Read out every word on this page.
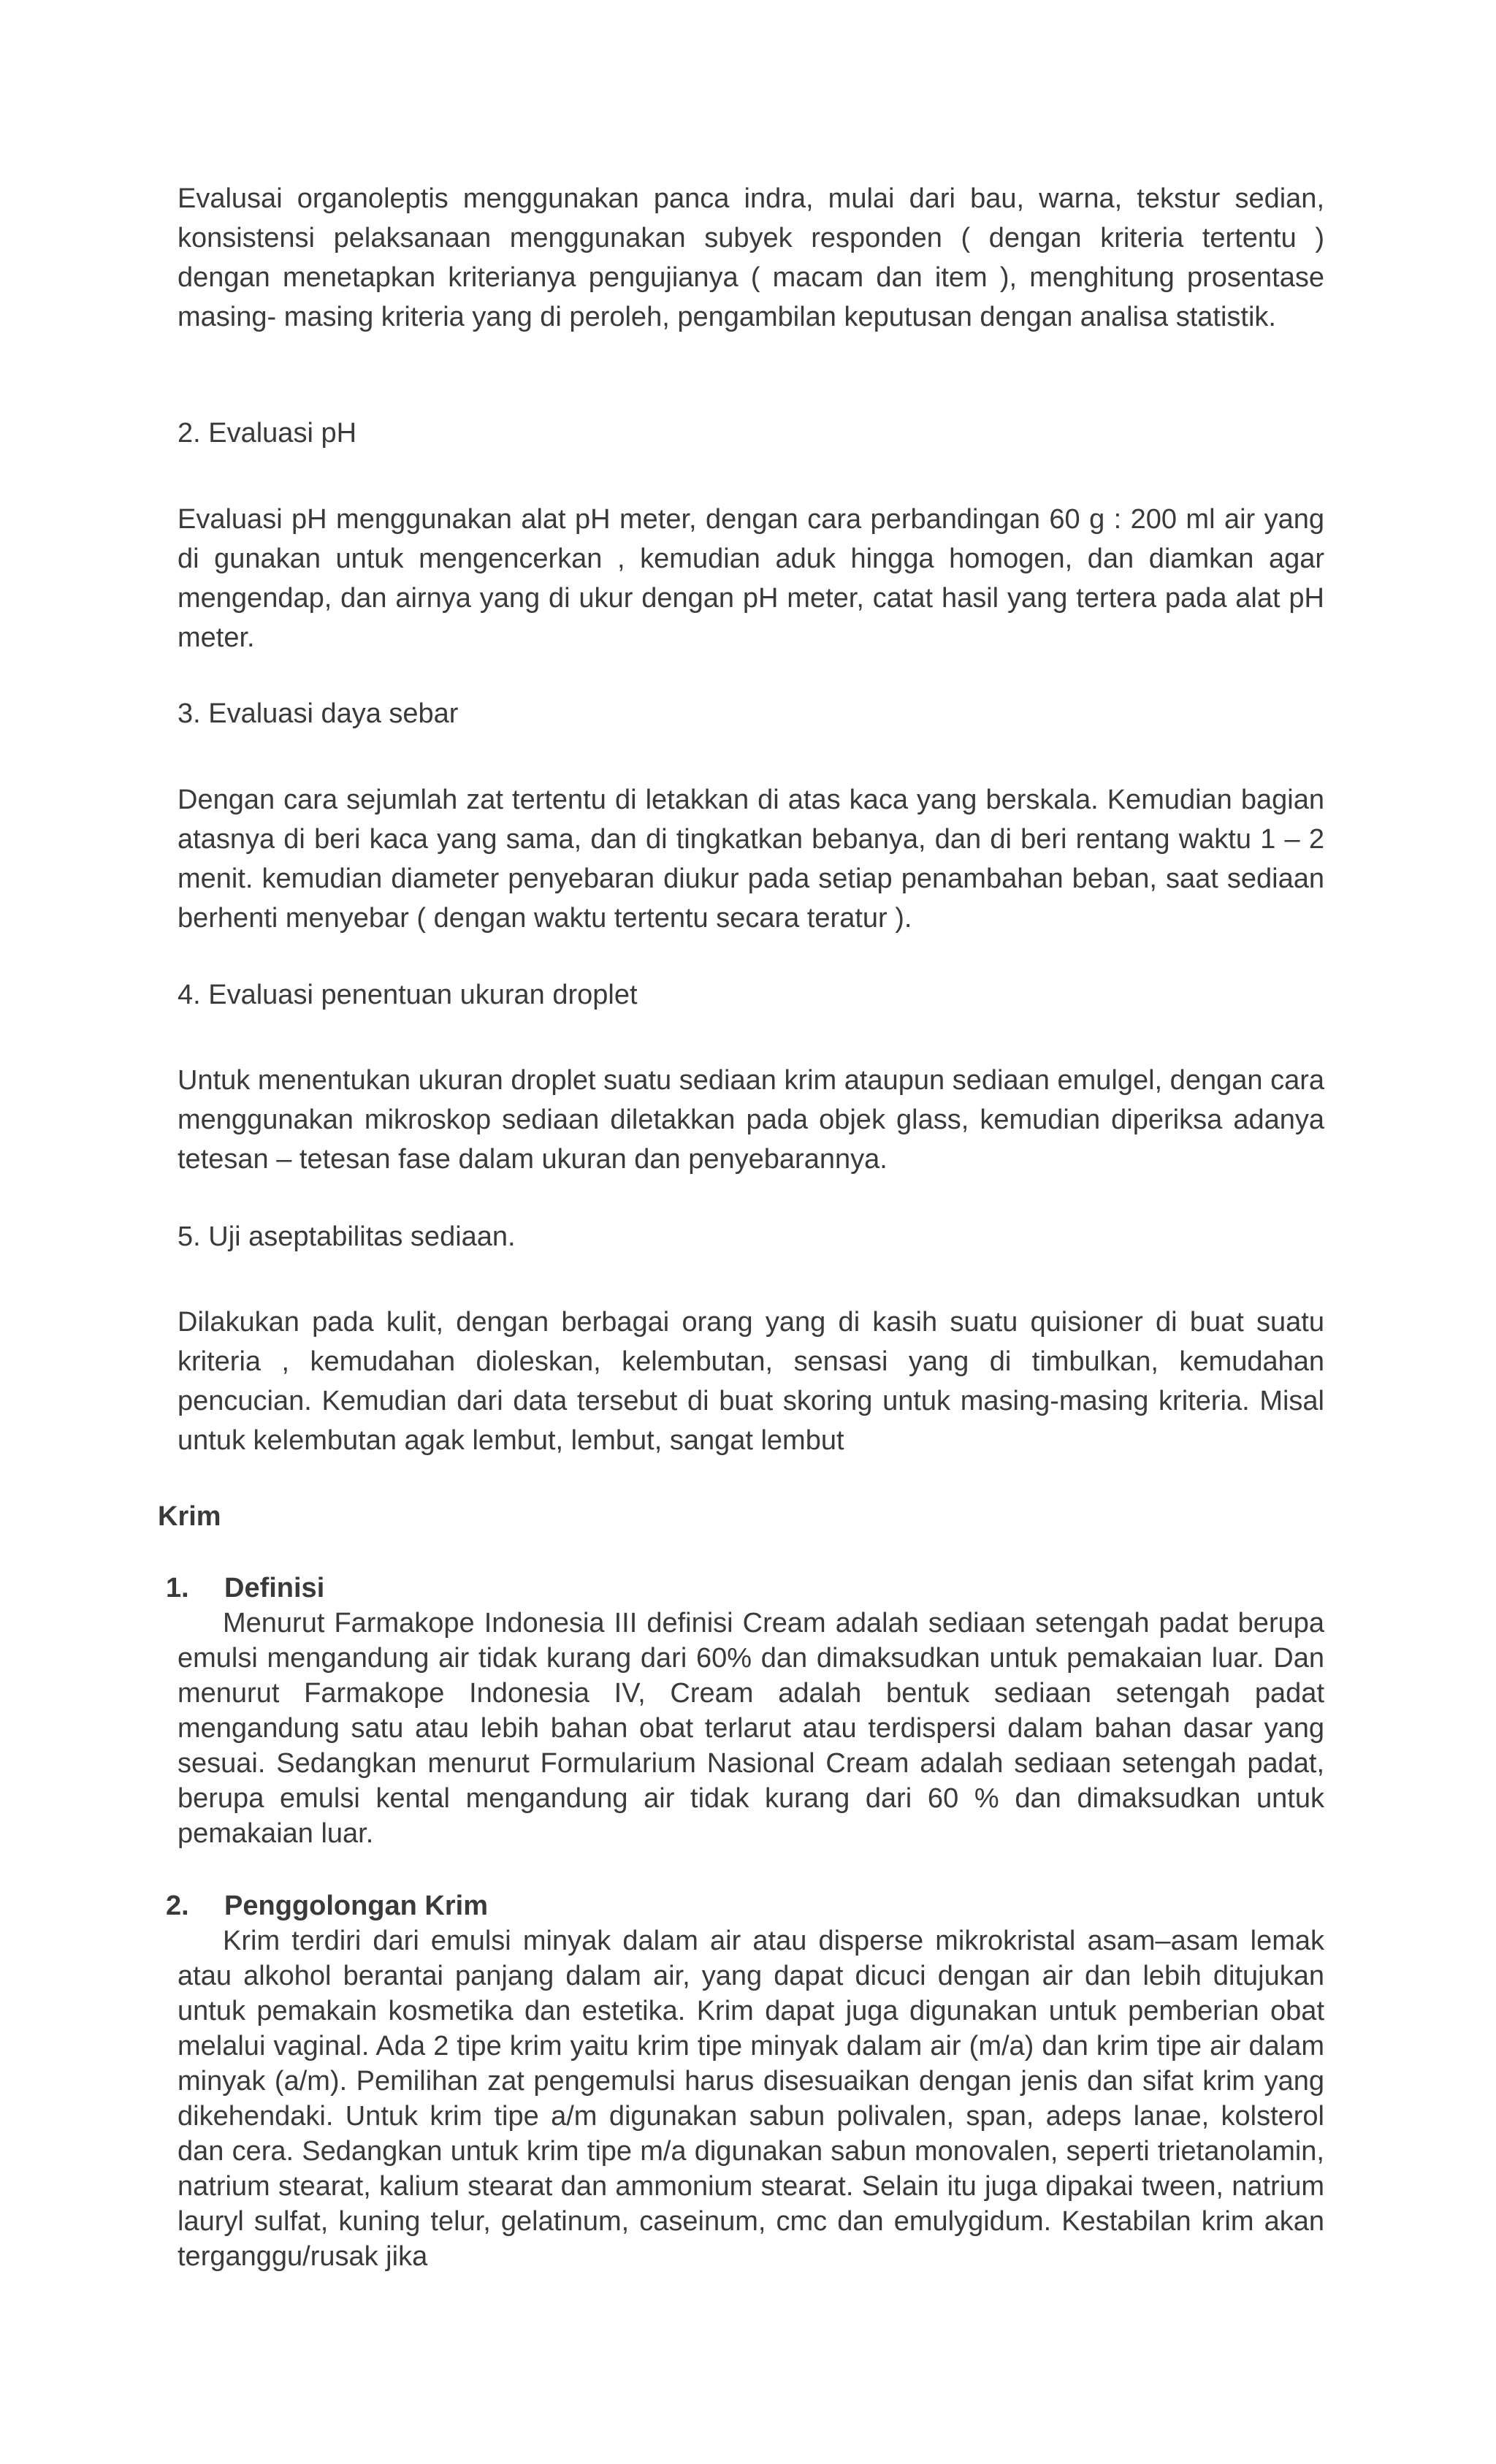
Evalusai organoleptis menggunakan panca indra, mulai dari bau, warna, tekstur sedian, konsistensi pelaksanaan menggunakan subyek responden ( dengan kriteria tertentu ) dengan menetapkan kriterianya pengujianya ( macam dan item ), menghitung prosentase masing- masing kriteria yang di peroleh, pengambilan keputusan dengan analisa statistik.

2. Evaluasi pH

Evaluasi pH menggunakan alat pH meter, dengan cara perbandingan 60 g : 200 ml air yang di gunakan untuk mengencerkan , kemudian aduk hingga homogen, dan diamkan agar mengendap, dan airnya yang di ukur dengan pH meter, catat hasil yang tertera pada alat pH meter.

3. Evaluasi daya sebar

Dengan cara sejumlah zat tertentu di letakkan di atas kaca yang berskala. Kemudian bagian atasnya di beri kaca yang sama, dan di tingkatkan bebanya, dan di beri rentang waktu 1 – 2 menit. kemudian diameter penyebaran diukur pada setiap penambahan beban, saat sediaan berhenti menyebar ( dengan waktu tertentu secara teratur ).

4. Evaluasi penentuan ukuran droplet

Untuk menentukan ukuran droplet suatu sediaan krim ataupun sediaan emulgel, dengan cara menggunakan mikroskop sediaan diletakkan pada objek glass, kemudian diperiksa adanya tetesan – tetesan fase dalam ukuran dan penyebarannya.

5. Uji aseptabilitas sediaan.

Dilakukan pada kulit, dengan berbagai orang yang di kasih suatu quisioner di buat suatu kriteria , kemudahan dioleskan, kelembutan, sensasi yang di timbulkan, kemudahan pencucian. Kemudian dari data tersebut di buat skoring untuk masing-masing kriteria. Misal untuk kelembutan agak lembut, lembut, sangat lembut

Krim

1. Definisi

Menurut Farmakope Indonesia III definisi Cream adalah sediaan setengah padat berupa emulsi mengandung air tidak kurang dari 60% dan dimaksudkan untuk pemakaian luar. Dan menurut Farmakope Indonesia IV, Cream adalah bentuk sediaan setengah padat mengandung satu atau lebih bahan obat terlarut atau terdispersi dalam bahan dasar yang sesuai. Sedangkan menurut Formularium Nasional Cream adalah sediaan setengah padat, berupa emulsi kental mengandung air tidak kurang dari 60 % dan dimaksudkan untuk pemakaian luar.

2. Penggolongan Krim

Krim terdiri dari emulsi minyak dalam air atau disperse mikrokristal asam–asam lemak atau alkohol berantai panjang dalam air, yang dapat dicuci dengan air dan lebih ditujukan untuk pemakain kosmetika dan estetika. Krim dapat juga digunakan untuk pemberian obat melalui vaginal. Ada 2 tipe krim yaitu krim tipe minyak dalam air (m/a) dan krim tipe air dalam minyak (a/m). Pemilihan zat pengemulsi harus disesuaikan dengan jenis dan sifat krim yang dikehendaki. Untuk krim tipe a/m digunakan sabun polivalen, span, adeps lanae, kolsterol dan cera. Sedangkan untuk krim tipe m/a digunakan sabun monovalen, seperti trietanolamin, natrium stearat, kalium stearat dan ammonium stearat. Selain itu juga dipakai tween, natrium lauryl sulfat, kuning telur, gelatinum, caseinum, cmc dan emulygidum. Kestabilan krim akan terganggu/rusak jika
